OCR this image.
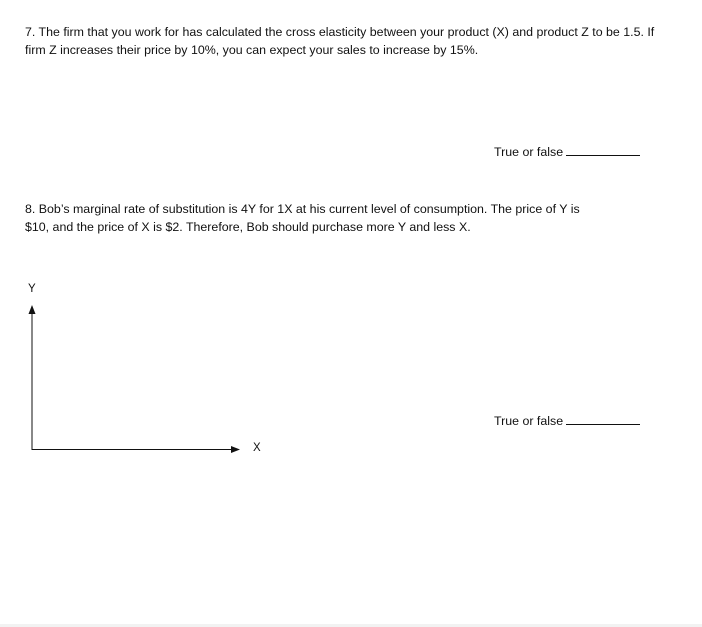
7. The firm that you work for has calculated the cross elasticity between your product (X) and product Z to be 1.5. If firm Z increases their price by 10%, you can expect your sales to increase by 15%.

True or false

8. Bob’s marginal rate of substitution is 4Y for 1X at his current level of consumption. The price of Y is $10, and the price of X is $2. Therefore, Bob should purchase more Y and less X.

Y
X
True or false
